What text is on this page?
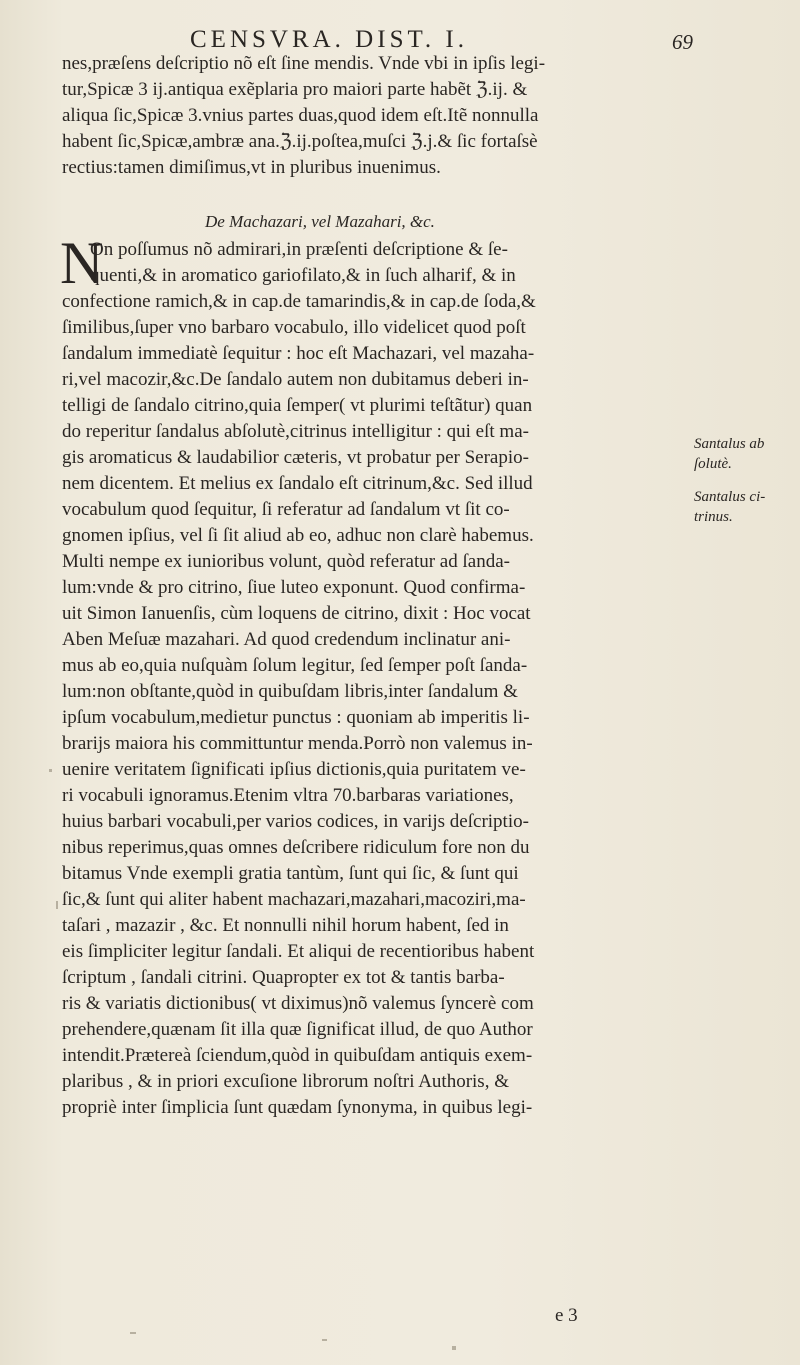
CENSVRA. DIST. I.	69
nes,præſens deſcriptio nõ eſt ſine mendis. Vnde vbi in ipſis legi-
tur,Spicæ 3 ij.antiqua exẽplaria pro maiori parte habẽt ℨ.ij. &
aliqua ſic,Spicæ 3.vnius partes duas,quod idem eſt.Itẽ nonnulla
habent ſic,Spicæ,ambræ ana.ℨ.ij.poſtea,muſci ℨ.j.& ſic fortaſsè
rectius:tamen dimiſimus,vt in pluribus inuenimus.
On poſſumus nõ admirari,in præſenti deſcriptione & ſe-
quenti,& in aromatico gariofilato,& in ſuch alharif, & in
confectione ramich,& in cap.de tamarindis,& in cap.de ſoda,&
ſimilibus,ſuper vno barbaro vocabulo, illo videlicet quod poſt
ſandalum immediatè ſequitur : hoc eſt Machazari, vel mazaha-
ri,vel macozir,&c.De ſandalo autem non dubitamus deberi in-
telligi de ſandalo citrino,quia ſemper( vt plurimi teſtãtur) quan
do reperitur ſandalus abſolutè,citrinus intelligitur : qui eſt ma-
gis aromaticus & laudabilior cæteris, vt probatur per Serapio-
nem dicentem. Et melius ex ſandalo eſt citrinum,&c. Sed illud
vocabulum quod ſequitur, ſi referatur ad ſandalum vt ſit co-
gnomen ipſius, vel ſi ſit aliud ab eo, adhuc non clarè habemus.
Multi nempe ex iunioribus volunt, quòd referatur ad ſanda-
lum:vnde & pro citrino, ſiue luteo exponunt. Quod confirma-
uit Simon Ianuenſis, cùm loquens de citrino, dixit : Hoc vocat
Aben Meſuæ mazahari. Ad quod credendum inclinatur ani-
mus ab eo,quia nuſquàm ſolum legitur, ſed ſemper poſt ſanda-
lum:non obſtante,quòd in quibuſdam libris,inter ſandalum &
ipſum vocabulum,medietur punctus : quoniam ab imperitis li-
brarijs maiora his committuntur menda.Porrò non valemus in-
uenire veritatem ſignificati ipſius dictionis,quia puritatem ve-
ri vocabuli ignoramus.Etenim vltra 70.barbaras variationes,
huius barbari vocabuli,per varios codices, in varijs deſcriptio-
nibus reperimus,quas omnes deſcribere ridiculum fore non du
bitamus Vnde exempli gratia tantùm, ſunt qui ſic, & ſunt qui
ſic,& ſunt qui aliter habent machazari,mazahari,macoziri,ma-
taſari , mazazir , &c. Et nonnulli nihil horum habent, ſed in
eis ſimpliciter legitur ſandali. Et aliqui de recentioribus habent
ſcriptum , ſandali citrini. Quapropter ex tot & tantis barba-
ris & variatis dictionibus( vt diximus)nõ valemus ſyncerè com
prehendere,quænam ſit illa quæ ſignificat illud, de quo Author
intendit.Prætereà ſciendum,quòd in quibuſdam antiquis exem-
plaribus , & in priori excuſione librorum noſtri Authoris, &
propriè inter ſimplicia ſunt quædam ſynonyma, in quibus legi-
De Machazari, vel Mazahari, &c.
N
Santalus ab
ſolutè.
Santalus ci-
trinus.
e 3
